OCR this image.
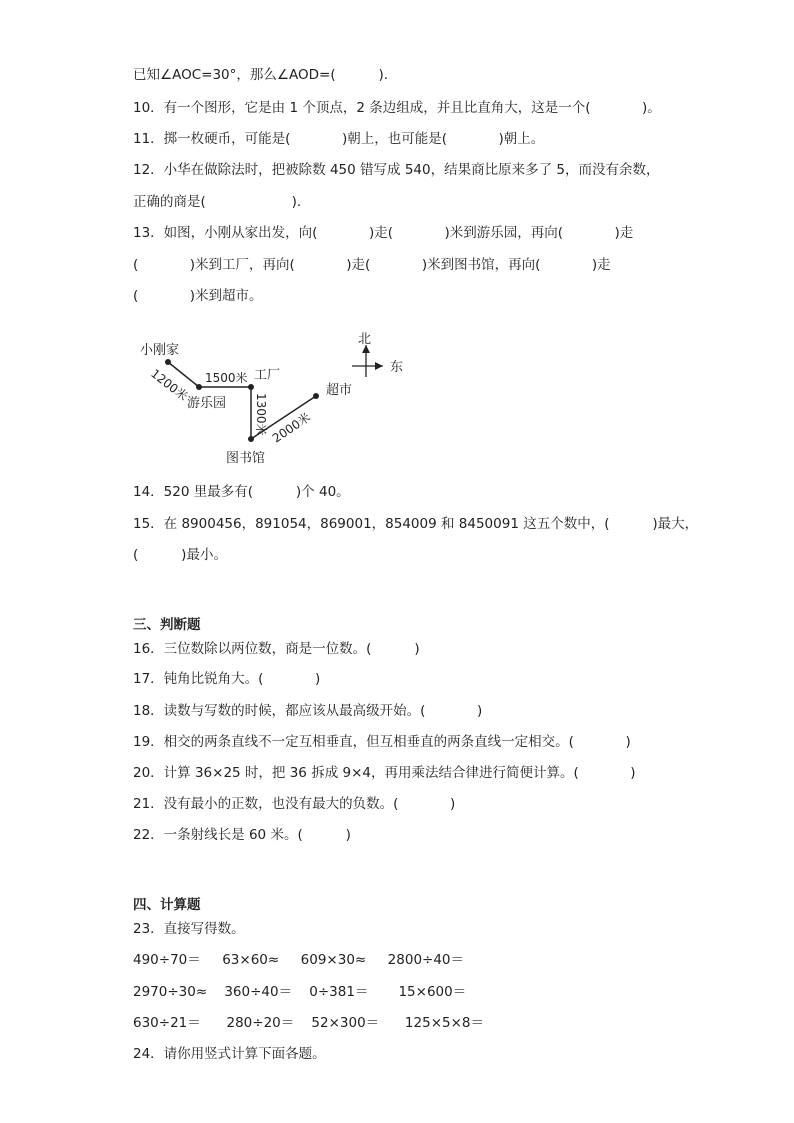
已知∠AOC=30°，那么∠AOD=(          ).
10．有一个图形，它是由 1 个顶点，2 条边组成，并且比直角大，这是一个(            )。
11．掷一枚硬币，可能是(            )朝上，也可能是(            )朝上。
12．小华在做除法时，把被除数 450 错写成 540，结果商比原来多了 5，而没有余数，
正确的商是(                    ).
13．如图，小刚从家出发，向(            )走(            )米到游乐园，再向(            )走
(            )米到工厂，再向(            )走(            )米到图书馆，再向(            )走
(            )米到超市。
小刚家
游乐园
工厂
图书馆
超市
1200米 1500米
1300米 2000米
北
东
14．520 里最多有(          )个 40。
15．在 8900456，891054，869001，854009 和 8450091 这五个数中，(          )最大，
(          )最小。
三、判断题
16．三位数除以两位数，商是一位数。(          )
17．钝角比锐角大。(            )
18．读数与写数的时候，都应该从最高级开始。(            )
19．相交的两条直线不一定互相垂直，但互相垂直的两条直线一定相交。(            )
20．计算 36×25 时，把 36 拆成 9×4，再用乘法结合律进行简便计算。(            )
21．没有最小的正数，也没有最大的负数。(            )
22．一条射线长是 60 米。(          )
四、计算题
23．直接写得数。
490÷70＝     63×60≈     609×30≈     2800÷40＝
2970÷30≈    360÷40＝    0÷381＝       15×600＝
630÷21＝      280÷20＝    52×300＝      125×5×8＝
24．请你用竖式计算下面各题。
